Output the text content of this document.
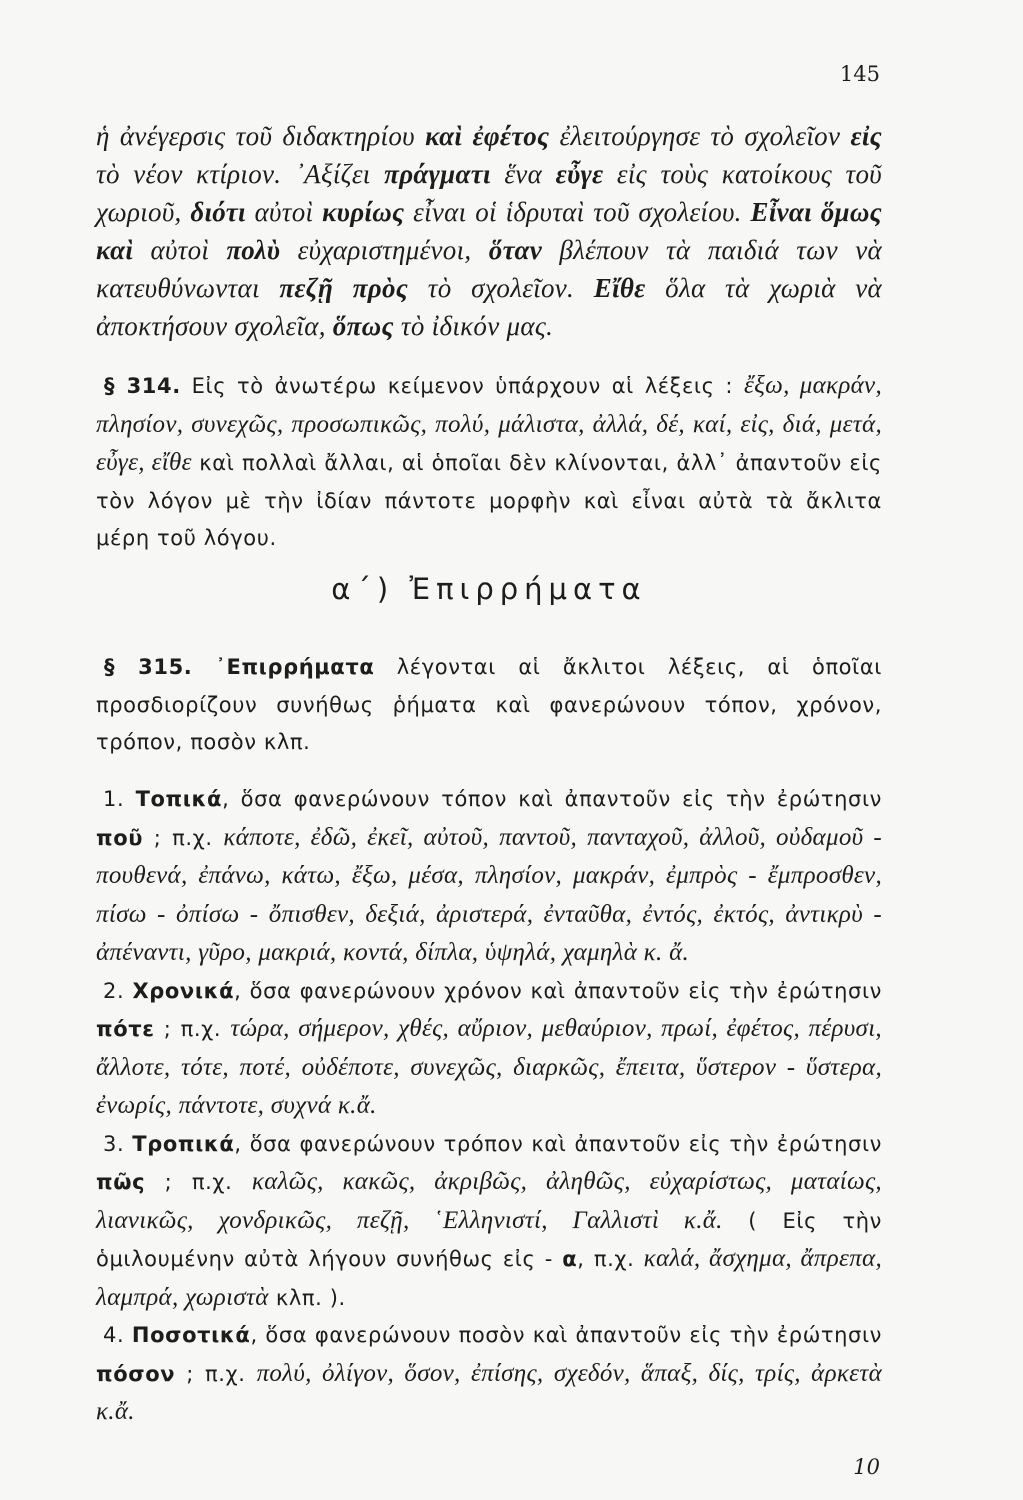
145
ἡ ἀνέγερσις τοῦ διδακτηρίου καὶ ἐφέτος ἐλειτούργησε τὸ σχολεῖον εἰς τὸ νέον κτίριον. ᾽Αξίζει πράγματι ἕνα εὖγε εἰς τοὺς κατοίκους τοῦ χωριοῦ, διότι αὐτοὶ κυρίως εἶναι οἱ ἱδρυταὶ τοῦ σχολείου. Εἶναι ὅμως καὶ αὐτοὶ πολὺ εὐχαριστημένοι, ὅταν βλέπουν τὰ παιδιά των νὰ κατευθύνωνται πεζῇ πρὸς τὸ σχολεῖον. Εἴθε ὅλα τὰ χωριὰ νὰ ἀποκτήσουν σχολεῖα, ὅπως τὸ ἰδικόν μας.
§ 314. Εἰς τὸ ἀνωτέρω κείμενον ὑπάρχουν αἱ λέξεις : ἔξω, μακράν, πλησίον, συνεχῶς, προσωπικῶς, πολύ, μάλιστα, ἀλλά, δέ, καί, εἰς, διά, μετά, εὖγε, εἴθε καὶ πολλαὶ ἄλλαι, αἱ ὁποῖαι δὲν κλίνονται, ἀλλ᾽ ἀπαντοῦν εἰς τὸν λόγον μὲ τὴν ἰδίαν πάντοτε μορφὴν καὶ εἶναι αὐτὰ τὰ ἄκλιτα μέρη τοῦ λόγου.
α΄) Ἐπιρρήματα
§ 315. ᾽Επιρρήματα λέγονται αἱ ἄκλιτοι λέξεις, αἱ ὁποῖαι προσδιορίζουν συνήθως ῥήματα καὶ φανερώνουν τόπον, χρόνον, τρόπον, ποσὸν κλπ.
1. Τοπικά, ὅσα φανερώνουν τόπον καὶ ἀπαντοῦν εἰς τὴν ἐρώτησιν ποῦ ; π.χ. κάποτε, ἐδῶ, ἐκεῖ, αὐτοῦ, παντοῦ, πανταχοῦ, ἀλλοῦ, οὐδαμοῦ - πουθενά, ἐπάνω, κάτω, ἔξω, μέσα, πλησίον, μακράν, ἐμπρὸς - ἔμπροσθεν, πίσω - ὀπίσω - ὄπισθεν, δεξιά, ἀριστερά, ἐνταῦθα, ἐντός, ἐκτός, ἀντικρὺ - ἀπέναντι, γῦρο, μακριά, κοντά, δίπλα, ὑψηλά, χαμηλὰ κ. ἄ.
2. Χρονικά, ὅσα φανερώνουν χρόνον καὶ ἀπαντοῦν εἰς τὴν ἐρώτησιν πότε ; π.χ. τώρα, σήμερον, χθές, αὔριον, μεθαύριον, πρωί, ἐφέτος, πέρυσι, ἄλλοτε, τότε, ποτέ, οὐδέποτε, συνεχῶς, διαρκῶς, ἔπειτα, ὕστερον - ὕστερα, ἐνωρίς, πάντοτε, συχνά κ.ἄ.
3. Τροπικά, ὅσα φανερώνουν τρόπον καὶ ἀπαντοῦν εἰς τὴν ἐρώτησιν πῶς ; π.χ. καλῶς, κακῶς, ἀκριβῶς, ἀληθῶς, εὐχαρίστως, ματαίως, λιανικῶς, χονδρικῶς, πεζῇ, ῾Ελληνιστί, Γαλλιστὶ κ.ἄ. ( Εἰς τὴν ὁμιλουμένην αὐτὰ λήγουν συνήθως εἰς - α, π.χ. καλά, ἄσχημα, ἄπρεπα, λαμπρά, χωριστὰ κλπ. ).
4. Ποσοτικά, ὅσα φανερώνουν ποσὸν καὶ ἀπαντοῦν εἰς τὴν ἐρώτησιν πόσον ; π.χ. πολύ, ὀλίγον, ὅσον, ἐπίσης, σχεδόν, ἅπαξ, δίς, τρίς, ἀρκετὰ κ.ἄ.
10
